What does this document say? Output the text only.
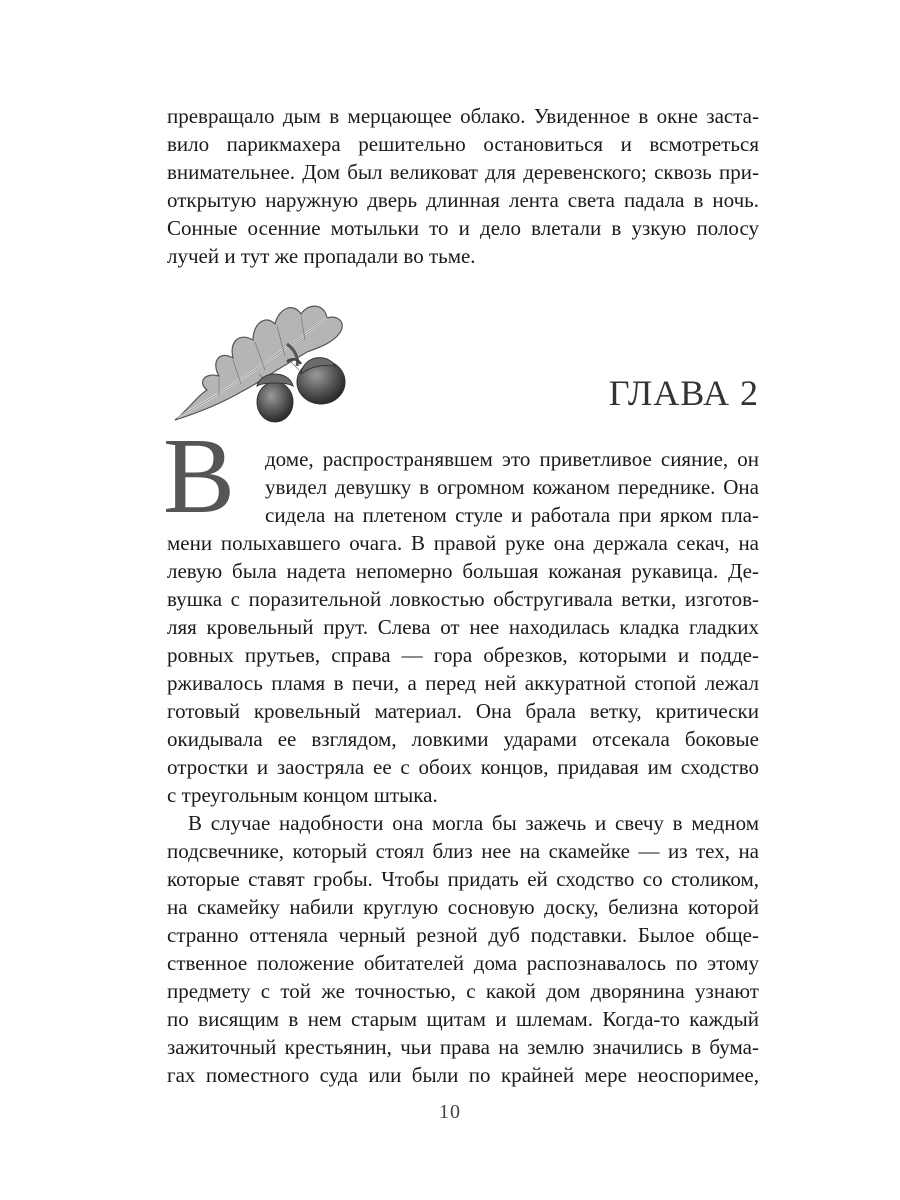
превращало дым в мерцающее облако. Увиденное в окне заста-
вило парикмахера решительно остановиться и всмотреться
внимательнее. Дом был великоват для деревенского; сквозь при-
открытую наружную дверь длинная лента света падала в ночь.
Сонные осенние мотыльки то и дело влетали в узкую полосу
лучей и тут же пропадали во тьме.
ГЛАВА 2
В	доме, распространявшем это приветливое сияние, он
увидел девушку в огромном кожаном переднике. Она
сидела на плетеном стуле и работала при ярком пла-
мени полыхавшего очага. В правой руке она держала секач, на
левую была надета непомерно большая кожаная рукавица. Де-
вушка с поразительной ловкостью обстругивала ветки, изготов-
ляя кровельный прут. Слева от нее находилась кладка гладких
ровных прутьев, справа — гора обрезков, которыми и подде-
рживалось пламя в печи, а перед ней аккуратной стопой лежал
готовый кровельный материал. Она брала ветку, критически
окидывала ее взглядом, ловкими ударами отсекала боковые
отростки и заостряла ее с обоих концов, придавая им сходство
с треугольным концом штыка.
В случае надобности она могла бы зажечь и свечу в медном
подсвечнике, который стоял близ нее на скамейке — из тех, на
которые ставят гробы. Чтобы придать ей сходство со столиком,
на скамейку набили круглую сосновую доску, белизна которой
странно оттеняла черный резной дуб подставки. Былое обще-
ственное положение обитателей дома распознавалось по этому
предмету с той же точностью, с какой дом дворянина узнают
по висящим в нем старым щитам и шлемам. Когда-то каждый
зажиточный крестьянин, чьи права на землю значились в бума-
гах поместного суда или были по крайней мере неоспоримее,
10
